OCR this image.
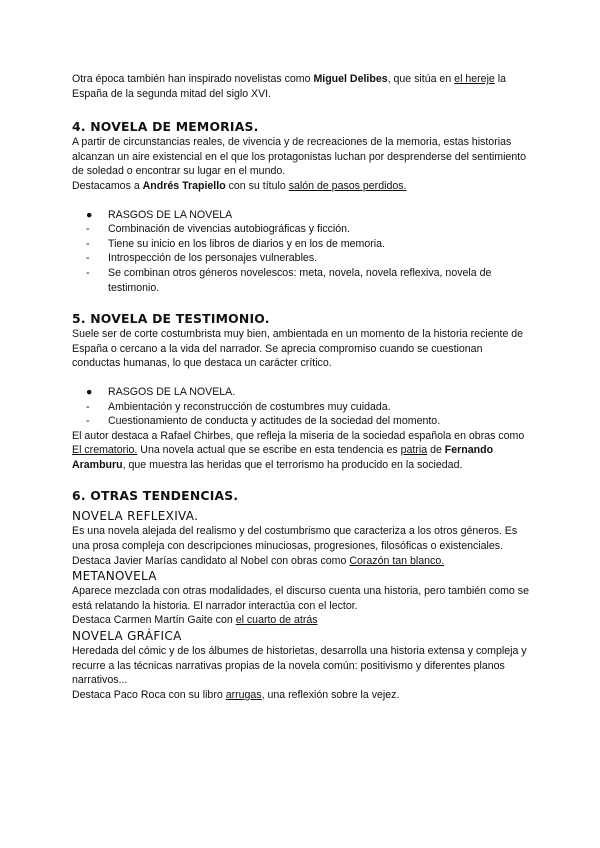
Otra época también han inspirado novelistas como Miguel Delibes, que sitúa en el hereje la España de la segunda mitad del siglo XVI.

4. NOVELA DE MEMORIAS.

A partir de circunstancias reales, de vivencia y de recreaciones de la memoria, estas historias alcanzan un aire existencial en el que los protagonistas luchan por desprenderse del sentimiento de soledad o encontrar su lugar en el mundo.

Destacamos a Andrés Trapiello con su título salón de pasos perdidos.

● RASGOS DE LA NOVELA
- Combinación de vivencias autobiográficas y ficción.
- Tiene su inicio en los libros de diarios y en los de memoria.
- Introspección de los personajes vulnerables.
- Se combinan otros géneros novelescos: meta, novela, novela reflexiva, novela de testimonio.

5. NOVELA DE TESTIMONIO.

Suele ser de corte costumbrista muy bien, ambientada en un momento de la historia reciente de España o cercano a la vida del narrador. Se aprecia compromiso cuando se cuestionan conductas humanas, lo que destaca un carácter crítico.

● RASGOS DE LA NOVELA.
- Ambientación y reconstrucción de costumbres muy cuidada.
- Cuestionamiento de conducta y actitudes de la sociedad del momento.

El autor destaca a Rafael Chirbes, que refleja la miseria de la sociedad española en obras como El crematorio. Una novela actual que se escribe en esta tendencia es patria de Fernando Aramburu, que muestra las heridas que el terrorismo ha producido en la sociedad.

6. OTRAS TENDENCIAS.

NOVELA REFLEXIVA.

Es una novela alejada del realismo y del costumbrismo que caracteriza a los otros géneros. Es una prosa compleja con descripciones minuciosas, progresiones, filosóficas o existenciales.

Destaca Javier Marías candidato al Nobel con obras como Corazón tan blanco.

METANOVELA

Aparece mezclada con otras modalidades, el discurso cuenta una historia, pero también como se está relatando la historia. El narrador interactúa con el lector.

Destaca Carmen Martín Gaite con el cuarto de atrás

NOVELA GRÁFICA

Heredada del cómic y de los álbumes de historietas, desarrolla una historia extensa y compleja y recurre a las técnicas narrativas propias de la novela común: positivismo y diferentes planos narrativos...

Destaca Paco Roca con su libro arrugas, una reflexión sobre la vejez.
